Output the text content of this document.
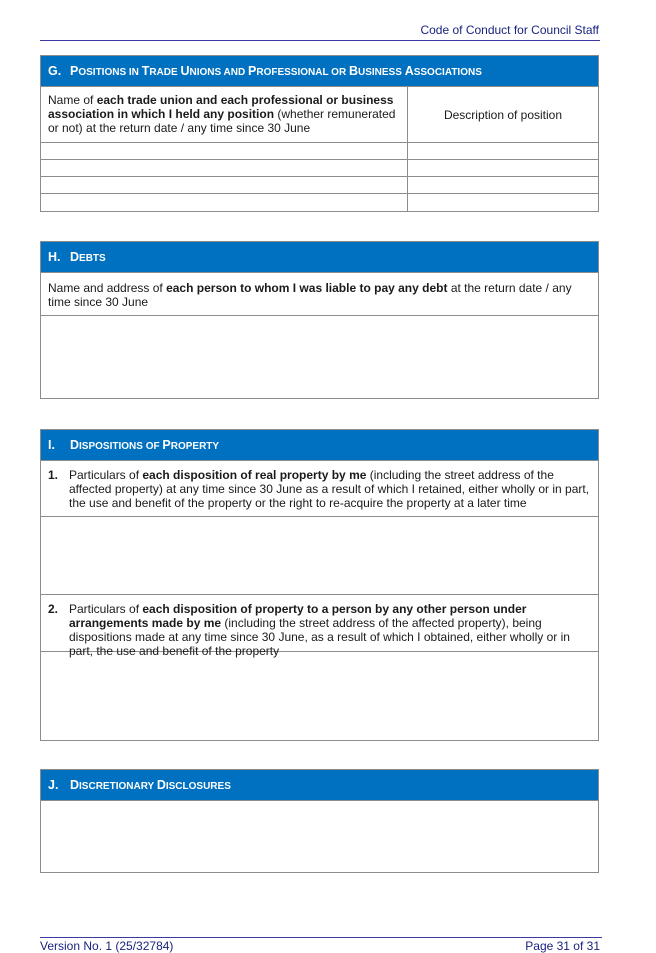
Code of Conduct for Council Staff
G. POSITIONS IN TRADE UNIONS AND PROFESSIONAL OR BUSINESS ASSOCIATIONS
Name of each trade union and each professional or business association in which I held any position (whether remunerated or not) at the return date / any time since 30 June
Description of position
H. DEBTS
Name and address of each person to whom I was liable to pay any debt at the return date / any time since 30 June
I. DISPOSITIONS OF PROPERTY
1. Particulars of each disposition of real property by me (including the street address of the affected property) at any time since 30 June as a result of which I retained, either wholly or in part, the use and benefit of the property or the right to re-acquire the property at a later time
2. Particulars of each disposition of property to a person by any other person under arrangements made by me (including the street address of the affected property), being dispositions made at any time since 30 June, as a result of which I obtained, either wholly or in part, the use and benefit of the property
J. DISCRETIONARY DISCLOSURES
Version No. 1 (25/32784)	Page 31 of 31
